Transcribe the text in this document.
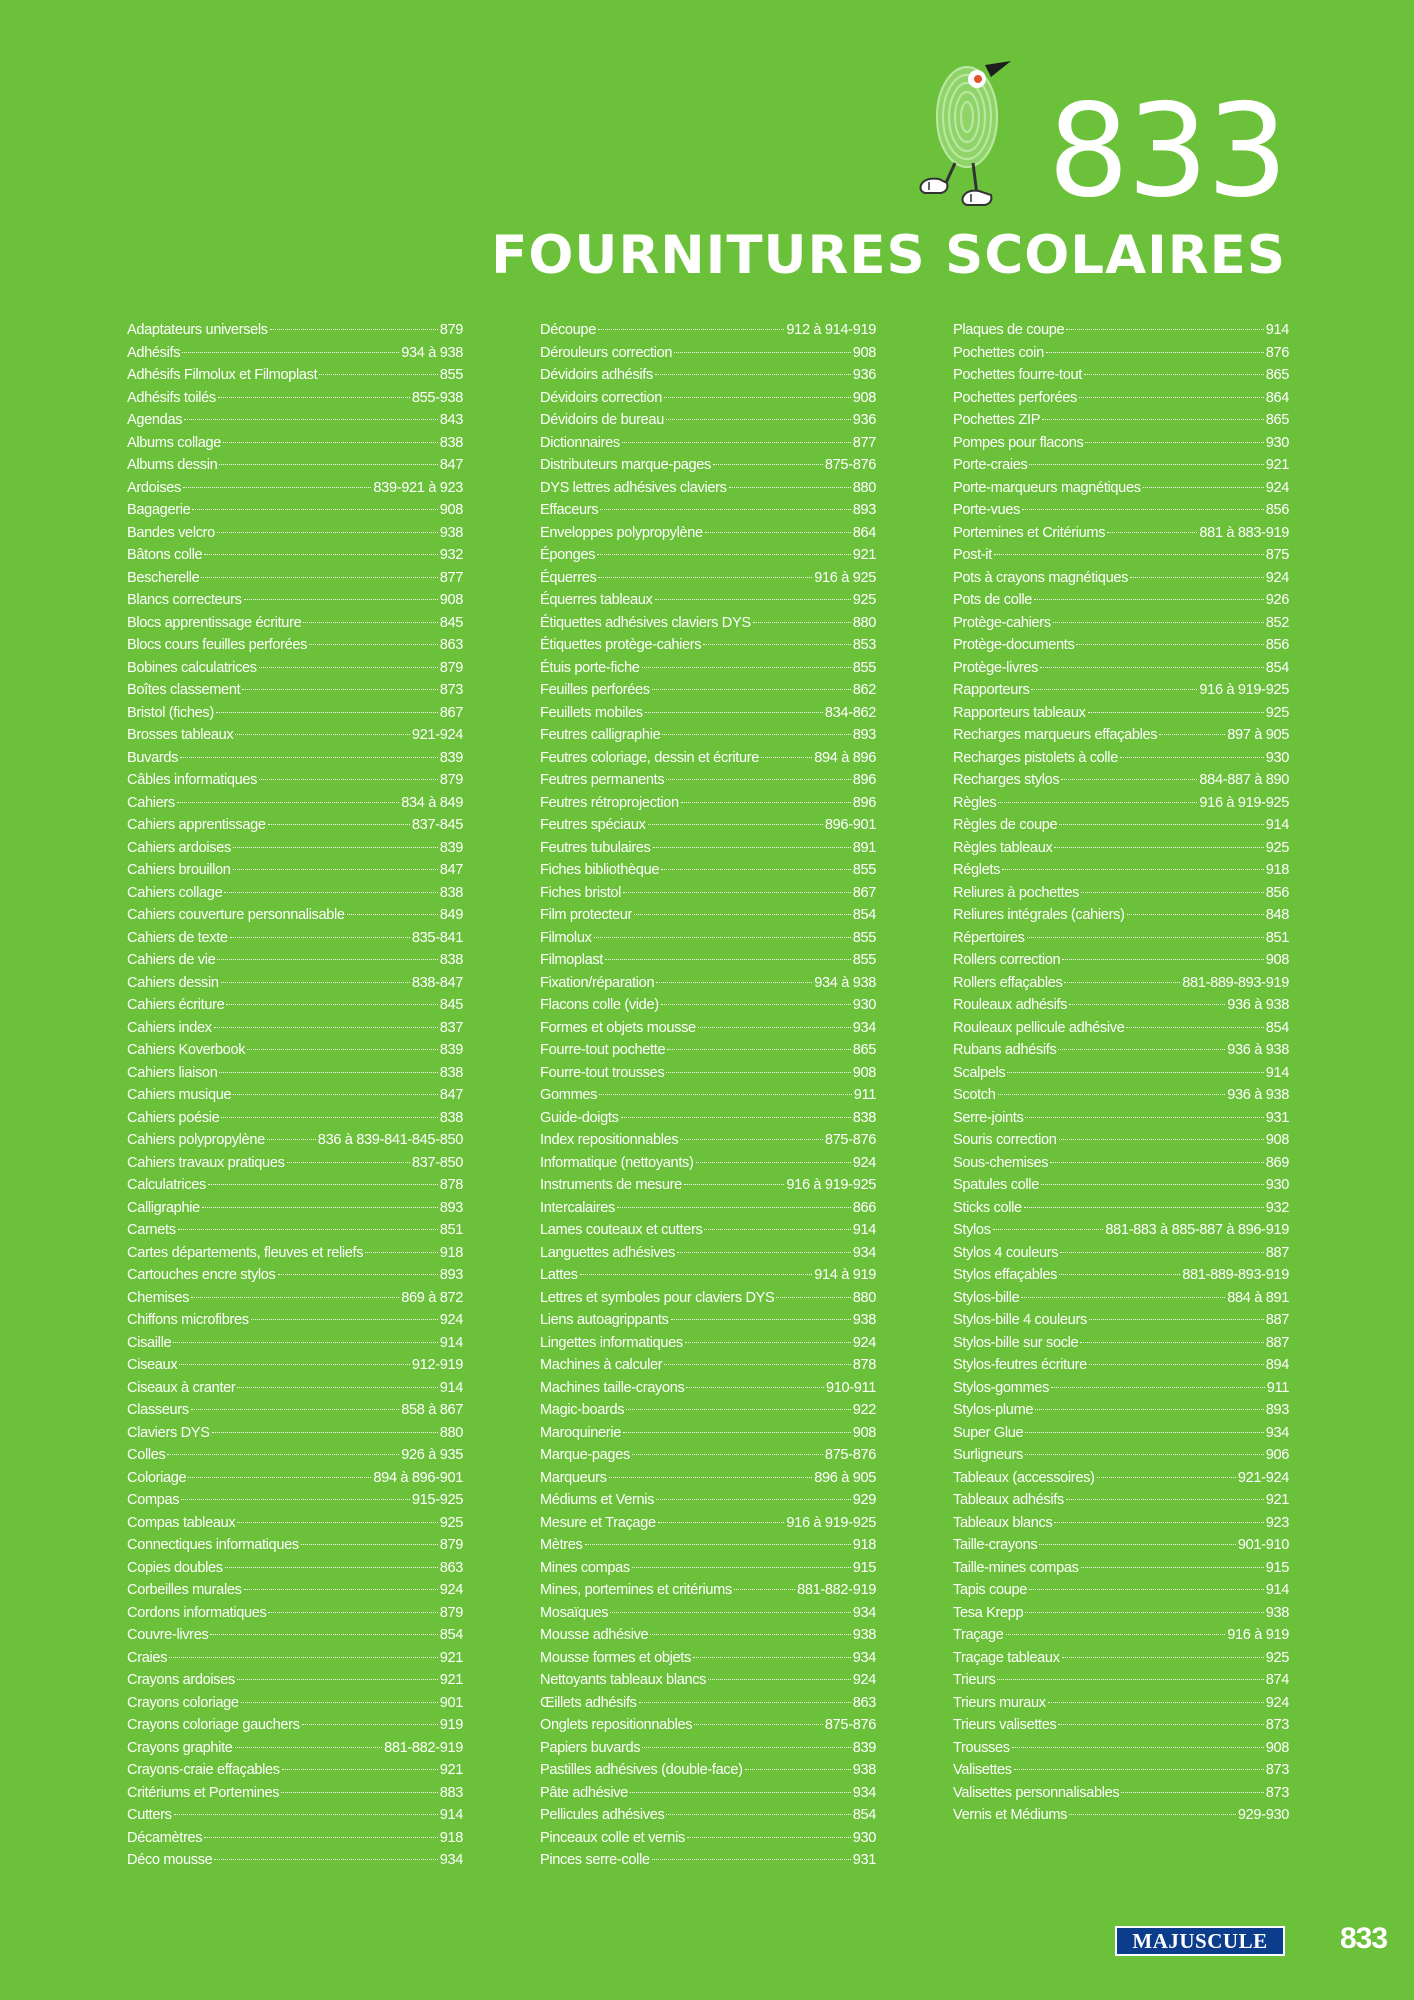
833
FOURNITURES SCOLAIRES
Adaptateurs universels	879
Adhésifs	934 à 938
Adhésifs Filmolux et Filmoplast	855
Adhésifs toilés	855-938
Agendas	843
Albums collage	838
Albums dessin	847
Ardoises	839-921 à 923
Bagagerie	908
Bandes velcro	938
Bâtons colle	932
Bescherelle	877
Blancs correcteurs	908
Blocs apprentissage écriture	845
Blocs cours feuilles perforées	863
Bobines calculatrices	879
Boîtes classement	873
Bristol (fiches)	867
Brosses tableaux	921-924
Buvards	839
Câbles informatiques	879
Cahiers	834 à 849
Cahiers apprentissage	837-845
Cahiers ardoises	839
Cahiers brouillon	847
Cahiers collage	838
Cahiers couverture personnalisable	849
Cahiers de texte	835-841
Cahiers de vie	838
Cahiers dessin	838-847
Cahiers écriture	845
Cahiers index	837
Cahiers Koverbook	839
Cahiers liaison	838
Cahiers musique	847
Cahiers poésie	838
Cahiers polypropylène	836 à 839-841-845-850
Cahiers travaux pratiques	837-850
Calculatrices	878
Calligraphie	893
Carnets	851
Cartes départements, fleuves et reliefs	918
Cartouches encre stylos	893
Chemises	869 à 872
Chiffons microfibres	924
Cisaille	914
Ciseaux	912-919
Ciseaux à cranter	914
Classeurs	858 à 867
Claviers DYS	880
Colles	926 à 935
Coloriage	894 à 896-901
Compas	915-925
Compas tableaux	925
Connectiques informatiques	879
Copies doubles	863
Corbeilles murales	924
Cordons informatiques	879
Couvre-livres	854
Craies	921
Crayons ardoises	921
Crayons coloriage	901
Crayons coloriage gauchers	919
Crayons graphite	881-882-919
Crayons-craie effaçables	921
Critériums et Portemines	883
Cutters	914
Décamètres	918
Déco mousse	934
Découpe	912 à 914-919
Dérouleurs correction	908
Dévidoirs adhésifs	936
Dévidoirs correction	908
Dévidoirs de bureau	936
Dictionnaires	877
Distributeurs marque-pages	875-876
DYS lettres adhésives claviers	880
Effaceurs	893
Enveloppes polypropylène	864
Éponges	921
Équerres	916 à 925
Équerres tableaux	925
Étiquettes adhésives claviers DYS	880
Étiquettes protège-cahiers	853
Étuis porte-fiche	855
Feuilles perforées	862
Feuillets mobiles	834-862
Feutres calligraphie	893
Feutres coloriage, dessin et écriture	894 à 896
Feutres permanents	896
Feutres rétroprojection	896
Feutres spéciaux	896-901
Feutres tubulaires	891
Fiches bibliothèque	855
Fiches bristol	867
Film protecteur	854
Filmolux	855
Filmoplast	855
Fixation/réparation	934 à 938
Flacons colle (vide)	930
Formes et objets mousse	934
Fourre-tout pochette	865
Fourre-tout trousses	908
Gommes	911
Guide-doigts	838
Index repositionnables	875-876
Informatique (nettoyants)	924
Instruments de mesure	916 à 919-925
Intercalaires	866
Lames couteaux et cutters	914
Languettes adhésives	934
Lattes	914 à 919
Lettres et symboles pour claviers DYS	880
Liens autoagrippants	938
Lingettes informatiques	924
Machines à calculer	878
Machines taille-crayons	910-911
Magic-boards	922
Maroquinerie	908
Marque-pages	875-876
Marqueurs	896 à 905
Médiums et Vernis	929
Mesure et Traçage	916 à 919-925
Mètres	918
Mines compas	915
Mines, portemines et critériums	881-882-919
Mosaïques	934
Mousse adhésive	938
Mousse formes et objets	934
Nettoyants tableaux blancs	924
Œillets adhésifs	863
Onglets repositionnables	875-876
Papiers buvards	839
Pastilles adhésives (double-face)	938
Pâte adhésive	934
Pellicules adhésives	854
Pinceaux colle et vernis	930
Pinces serre-colle	931
Plaques de coupe	914
Pochettes coin	876
Pochettes fourre-tout	865
Pochettes perforées	864
Pochettes ZIP	865
Pompes pour flacons	930
Porte-craies	921
Porte-marqueurs magnétiques	924
Porte-vues	856
Portemines et Critériums	881 à 883-919
Post-it	875
Pots à crayons magnétiques	924
Pots de colle	926
Protège-cahiers	852
Protège-documents	856
Protège-livres	854
Rapporteurs	916 à 919-925
Rapporteurs tableaux	925
Recharges marqueurs effaçables	897 à 905
Recharges pistolets à colle	930
Recharges stylos	884-887 à 890
Règles	916 à 919-925
Règles de coupe	914
Règles tableaux	925
Réglets	918
Reliures à pochettes	856
Reliures intégrales (cahiers)	848
Répertoires	851
Rollers correction	908
Rollers effaçables	881-889-893-919
Rouleaux adhésifs	936 à 938
Rouleaux pellicule adhésive	854
Rubans adhésifs	936 à 938
Scalpels	914
Scotch	936 à 938
Serre-joints	931
Souris correction	908
Sous-chemises	869
Spatules colle	930
Sticks colle	932
Stylos	881-883 à 885-887 à 896-919
Stylos 4 couleurs	887
Stylos effaçables	881-889-893-919
Stylos-bille	884 à 891
Stylos-bille 4 couleurs	887
Stylos-bille sur socle	887
Stylos-feutres écriture	894
Stylos-gommes	911
Stylos-plume	893
Super Glue	934
Surligneurs	906
Tableaux (accessoires)	921-924
Tableaux adhésifs	921
Tableaux blancs	923
Taille-crayons	901-910
Taille-mines compas	915
Tapis coupe	914
Tesa Krepp	938
Traçage	916 à 919
Traçage tableaux	925
Trieurs	874
Trieurs muraux	924
Trieurs valisettes	873
Trousses	908
Valisettes	873
Valisettes personnalisables	873
Vernis et Médiums	929-930
MAJUSCULE	833
